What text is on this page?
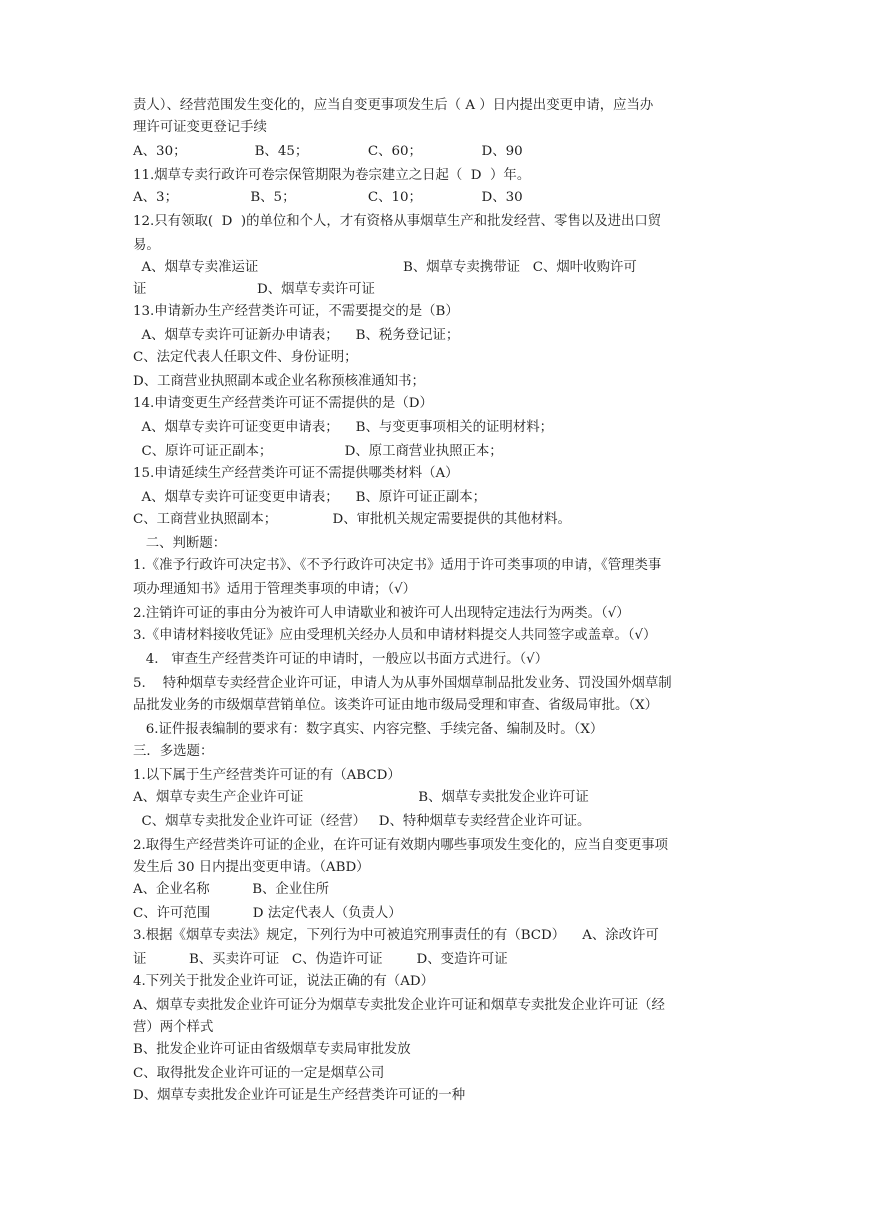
责人）、经营范围发生变化的，应当自变更事项发生后（ A ）日内提出变更申请，应当办

理许可证变更登记手续

A、30；                B、45；              C、60；              D、90

11.烟草专卖行政许可卷宗保管期限为卷宗建立之日起（  D  ）年。

A、3；                 B、5；                 C、10；              D、30

12.只有领取(  D  )的单位和个人，才有资格从事烟草生产和批发经营、零售以及进出口贸

易。

A、烟草专卖准运证                                  B、烟草专卖携带证   C、烟叶收购许可

证                          D、烟草专卖许可证

13.申请新办生产经营类许可证，不需要提交的是（B）

A、烟草专卖许可证新办申请表；    B、税务登记证；

C、法定代表人任职文件、身份证明；

D、工商营业执照副本或企业名称预核准通知书；

14.申请变更生产经营类许可证不需提供的是（D）

A、烟草专卖许可证变更申请表；    B、与变更事项相关的证明材料；

C、原许可证正副本；                 D、原工商营业执照正本；

15.申请延续生产经营类许可证不需提供哪类材料（A）

A、烟草专卖许可证变更申请表；    B、原许可证正副本；

C、工商营业执照副本；             D、审批机关规定需要提供的其他材料。

二、判断题：

1.《准予行政许可决定书》、《不予行政许可决定书》适用于许可类事项的申请，《管理类事

项办理通知书》适用于管理类事项的申请；（√）

2.注销许可证的事由分为被许可人申请歇业和被许可人出现特定违法行为两类。（√）

3.《申请材料接收凭证》应由受理机关经办人员和申请材料提交人共同签字或盖章。（√）

4.   审查生产经营类许可证的申请时，一般应以书面方式进行。（√）

5.    特种烟草专卖经营企业许可证，申请人为从事外国烟草制品批发业务、罚没国外烟草制

品批发业务的市级烟草营销单位。该类许可证由地市级局受理和审查、省级局审批。（X）

6.证件报表编制的要求有：数字真实、内容完整、手续完备、编制及时。（X）

三．多选题：

1.以下属于生产经营类许可证的有（ABCD）

A、烟草专卖生产企业许可证                           B、烟草专卖批发企业许可证

C、烟草专卖批发企业许可证（经营）   D、特种烟草专卖经营企业许可证。

2.取得生产经营类许可证的企业，在许可证有效期内哪些事项发生变化的，应当自变更事项

发生后 30 日内提出变更申请。（ABD）

A、企业名称          B、企业住所

C、许可范围          D 法定代表人（负责人）

3.根据《烟草专卖法》规定，下列行为中可被追究刑事责任的有（BCD）    A、涂改许可

证          B、买卖许可证   C、伪造许可证        D、变造许可证

4.下列关于批发企业许可证，说法正确的有（AD）

A、烟草专卖批发企业许可证分为烟草专卖批发企业许可证和烟草专卖批发企业许可证（经

营）两个样式

B、批发企业许可证由省级烟草专卖局审批发放

C、取得批发企业许可证的一定是烟草公司

D、烟草专卖批发企业许可证是生产经营类许可证的一种
